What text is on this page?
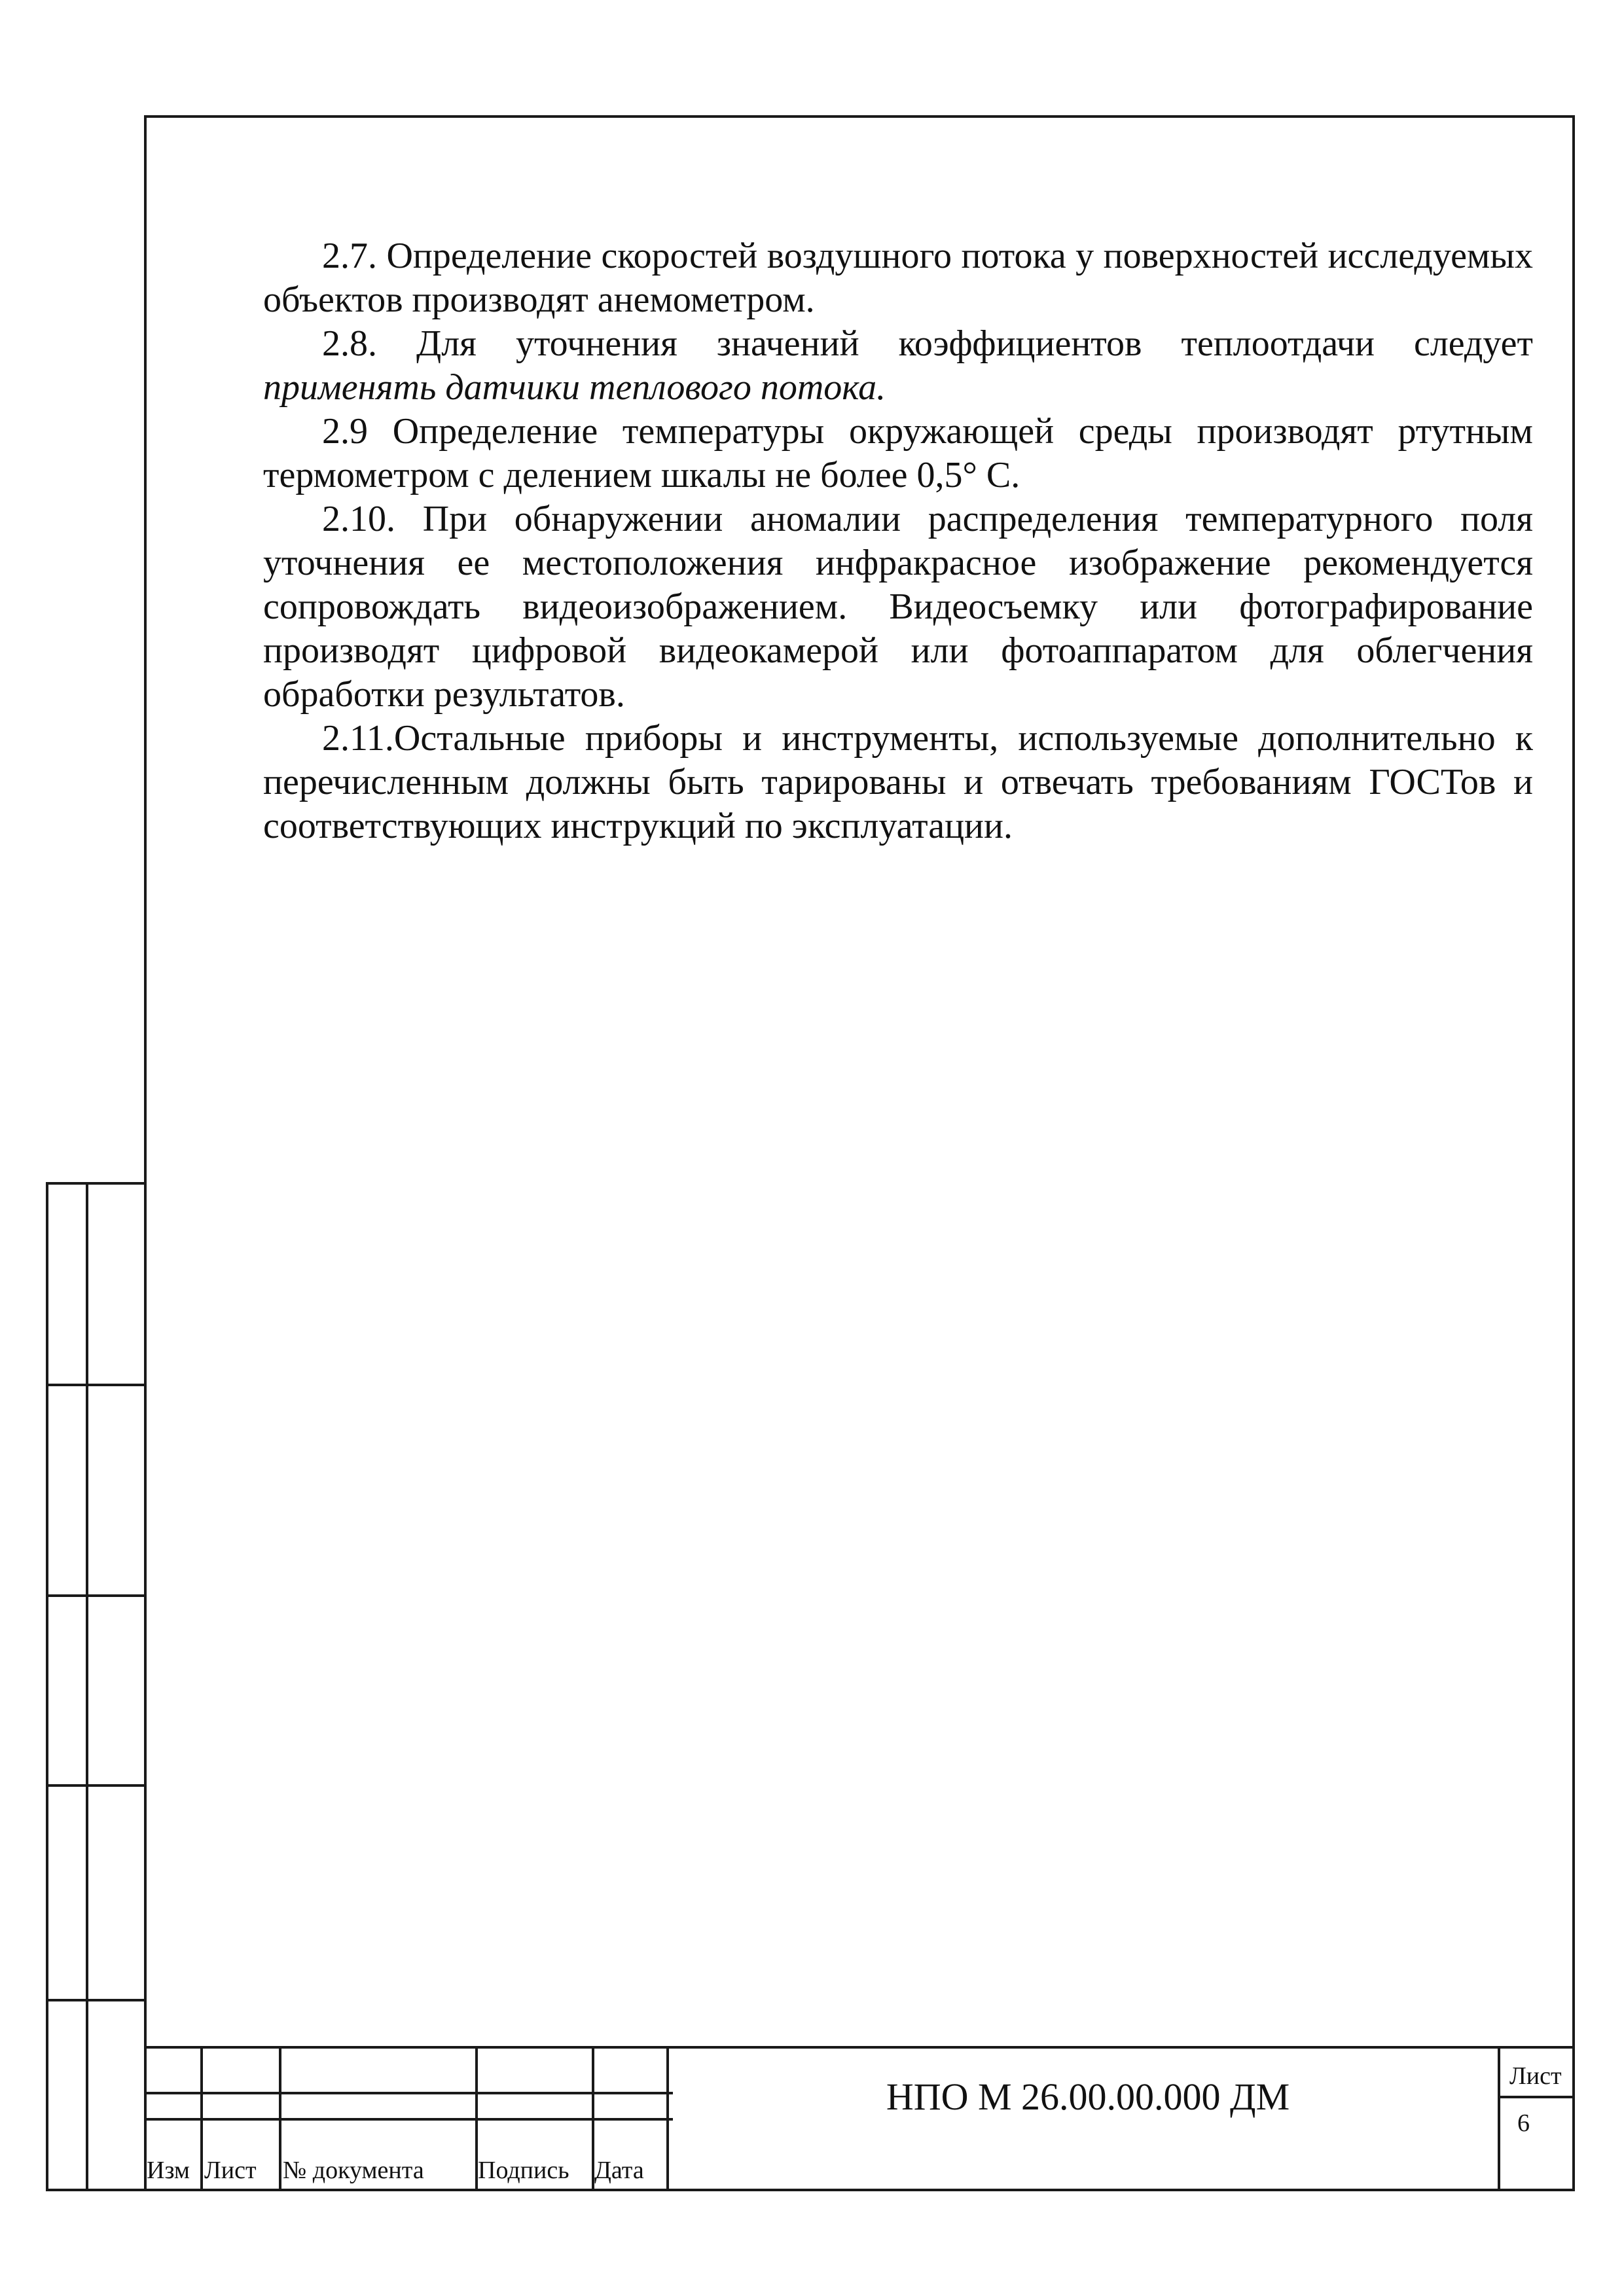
2.7. Определение скоростей воздушного потока у поверхностей исследуемых объектов производят анемометром.

2.8. Для уточнения значений коэффициентов теплоотдачи следует применять датчики теплового потока.

2.9 Определение температуры окружающей среды производят ртутным термометром с делением шкалы не более 0,5° С.

2.10. При обнаружении аномалии распределения температурного поля уточнения ее местоположения инфракрасное изображение рекомендуется сопровождать видеоизображением. Видеосъемку или фотографирование производят цифровой видеокамерой или фотоаппаратом для облегчения обработки результатов.

2.11.Остальные приборы и инструменты, используемые дополнительно к перечисленным должны быть тарированы и отвечать требованиям ГОСТов и соответствующих инструкций по эксплуатации.

Изм Лист № документа Подпись Дата
НПО М 26.00.00.000 ДМ	Лист
6
